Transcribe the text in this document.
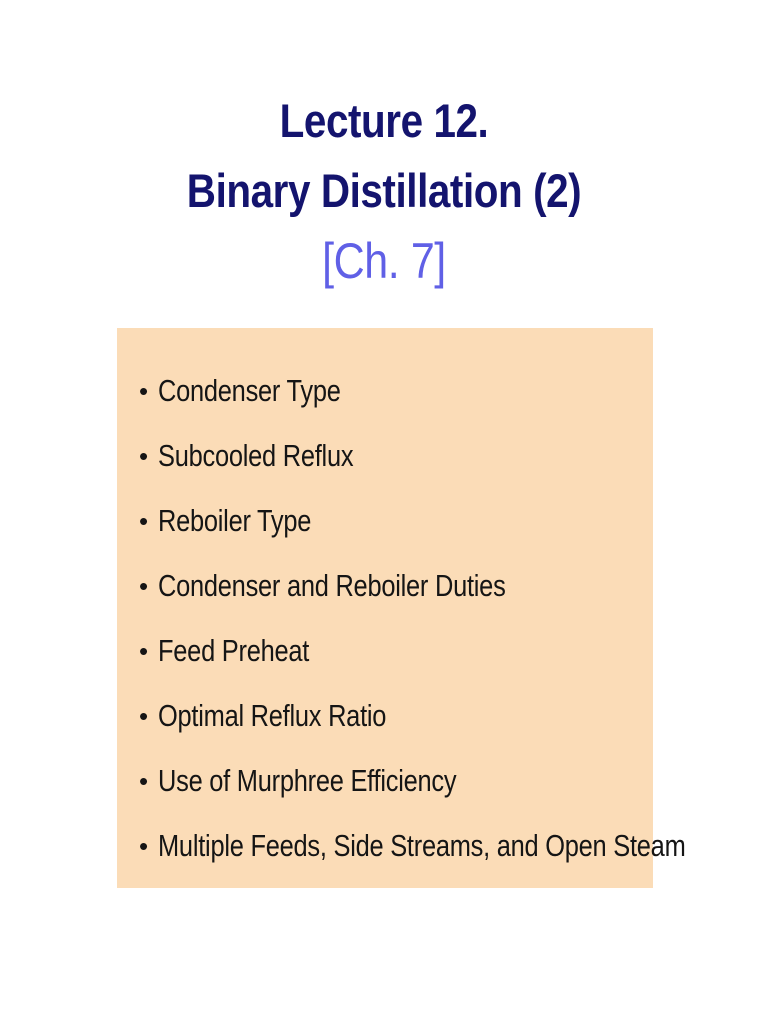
Lecture 12.
Binary Distillation (2)
[Ch. 7]
• Condenser Type
• Subcooled Reflux
• Reboiler Type
• Condenser and Reboiler Duties
• Feed Preheat
• Optimal Reflux Ratio
• Use of Murphree Efficiency
• Multiple Feeds, Side Streams, and Open Steam
